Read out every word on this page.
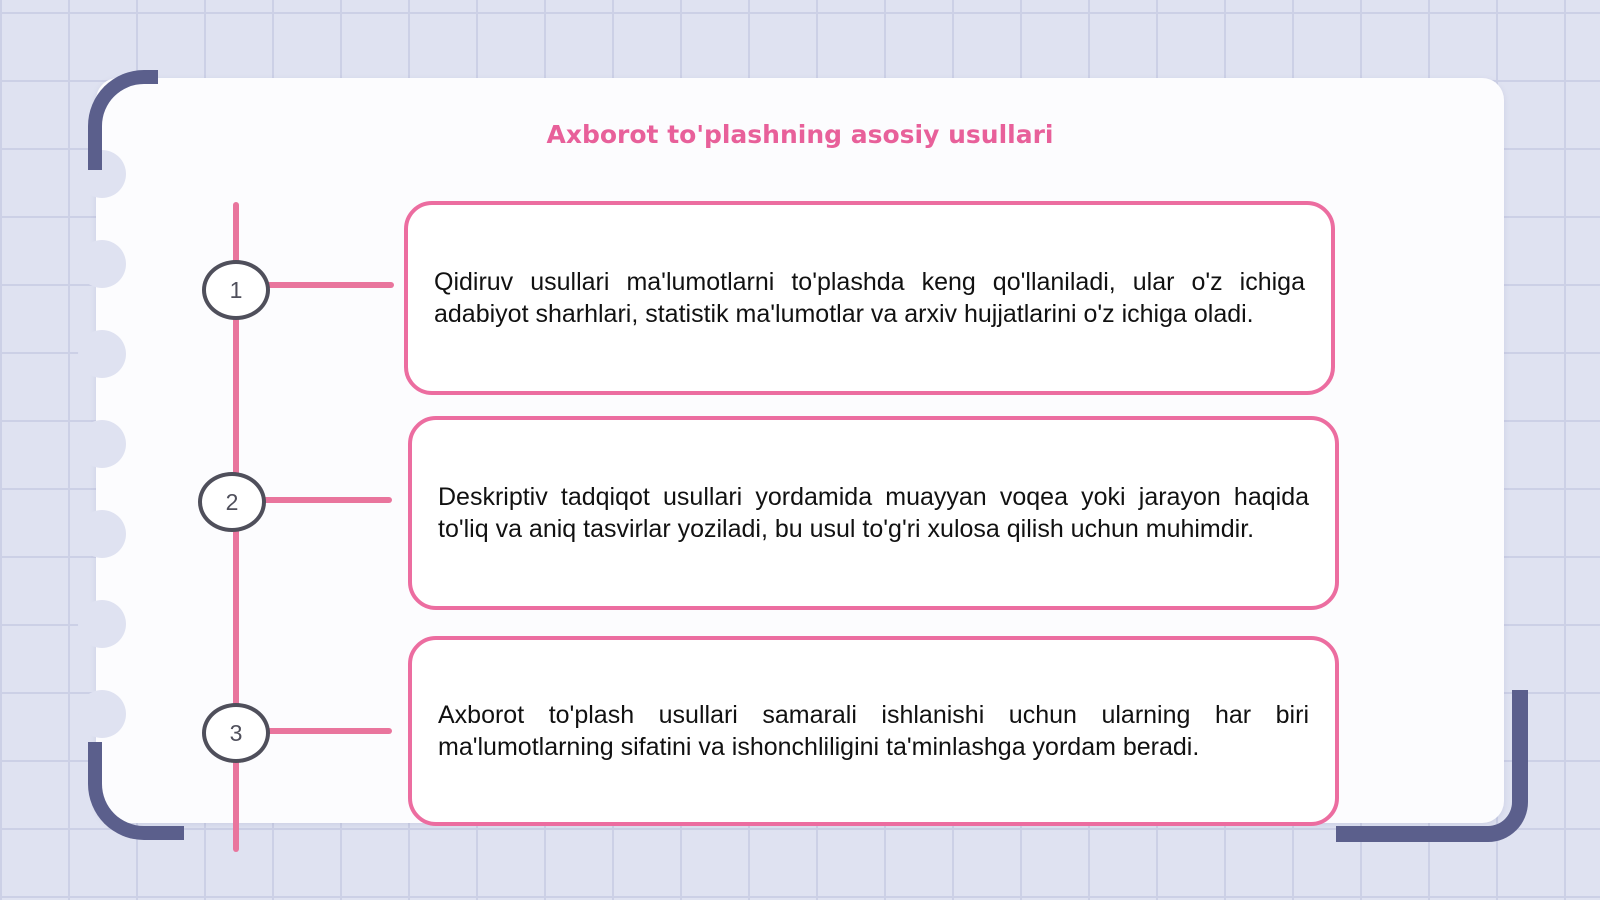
Axborot to'plashning asosiy usullari
1	Qidiruv usullari ma'lumotlarni to'plashda keng qo'llaniladi, ular o'z ichiga adabiyot sharhlari, statistik ma'lumotlar va arxiv hujjatlarini o'z ichiga oladi.

2	Deskriptiv tadqiqot usullari yordamida muayyan voqea yoki jarayon haqida to'liq va aniq tasvirlar yoziladi, bu usul to'g'ri xulosa qilish uchun muhimdir.

3

Axborot to'plash usullari samarali ishlanishi uchun ularning har biri ma'lumotlarning sifatini va ishonchliligini ta'minlashga yordam beradi.
